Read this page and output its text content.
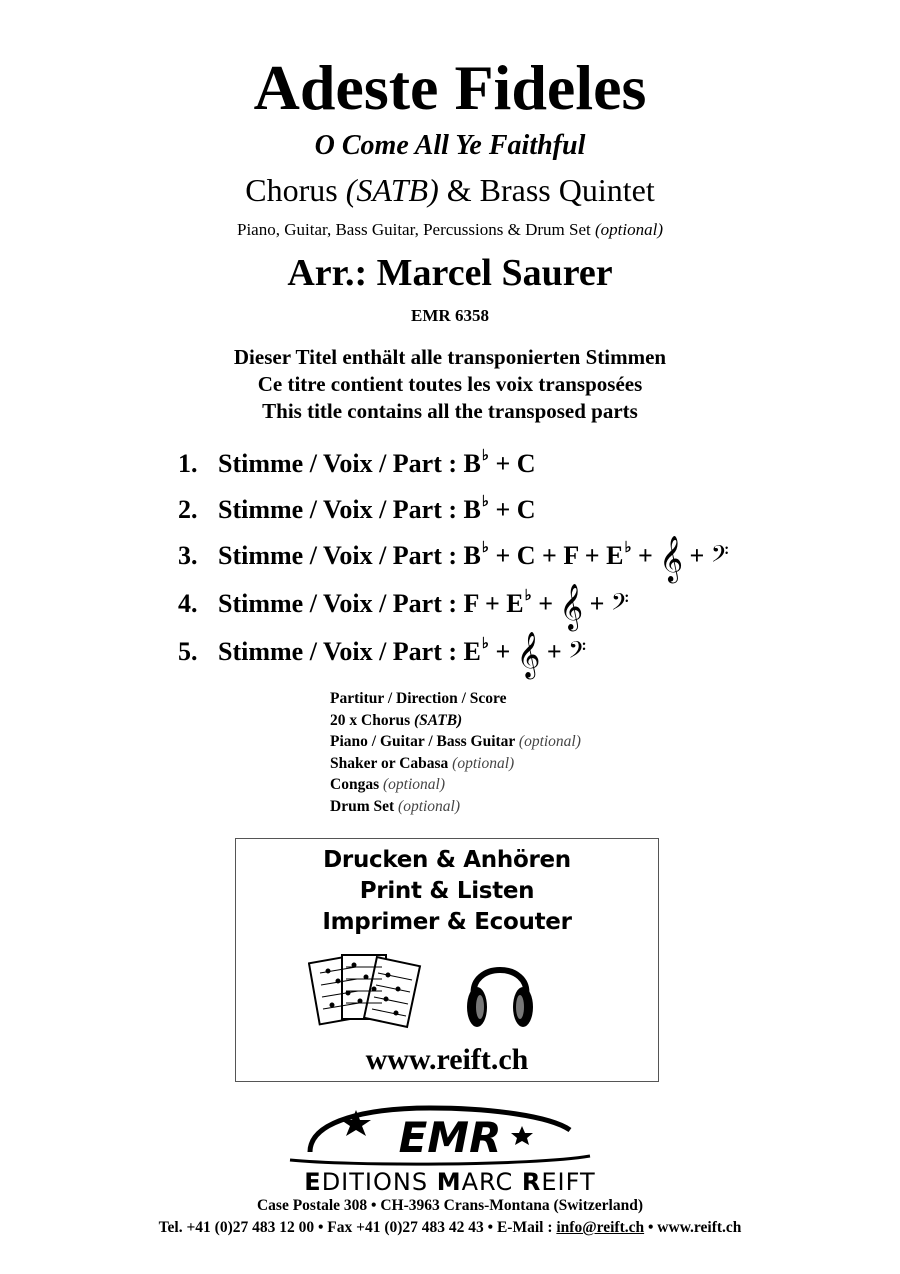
Adeste Fideles
O Come All Ye Faithful
Chorus (SATB) & Brass Quintet
Piano, Guitar, Bass Guitar, Percussions & Drum Set (optional)
Arr.: Marcel Saurer
EMR 6358
Dieser Titel enthält alle transponierten Stimmen
Ce titre contient toutes les voix transposées
This title contains all the transposed parts
1. Stimme / Voix / Part : B♭ + C
2. Stimme / Voix / Part : B♭ + C
3. Stimme / Voix / Part : B♭ + C + F + E♭ + 𝄞 + 𝄢
4. Stimme / Voix / Part : F + E♭ + 𝄞 + 𝄢
5. Stimme / Voix / Part : E♭ + 𝄞 + 𝄢
Partitur / Direction / Score
20 x Chorus (SATB)
Piano / Guitar / Bass Guitar (optional)
Shaker or Cabasa (optional)
Congas (optional)
Drum Set (optional)
Drucken & Anhören
Print & Listen
Imprimer & Ecouter
www.reift.ch
EMR
EDITIONS MARC REIFT
Case Postale 308 • CH-3963 Crans-Montana (Switzerland)
Tel. +41 (0)27 483 12 00 • Fax +41 (0)27 483 42 43 • E-Mail : info@reift.ch • www.reift.ch
